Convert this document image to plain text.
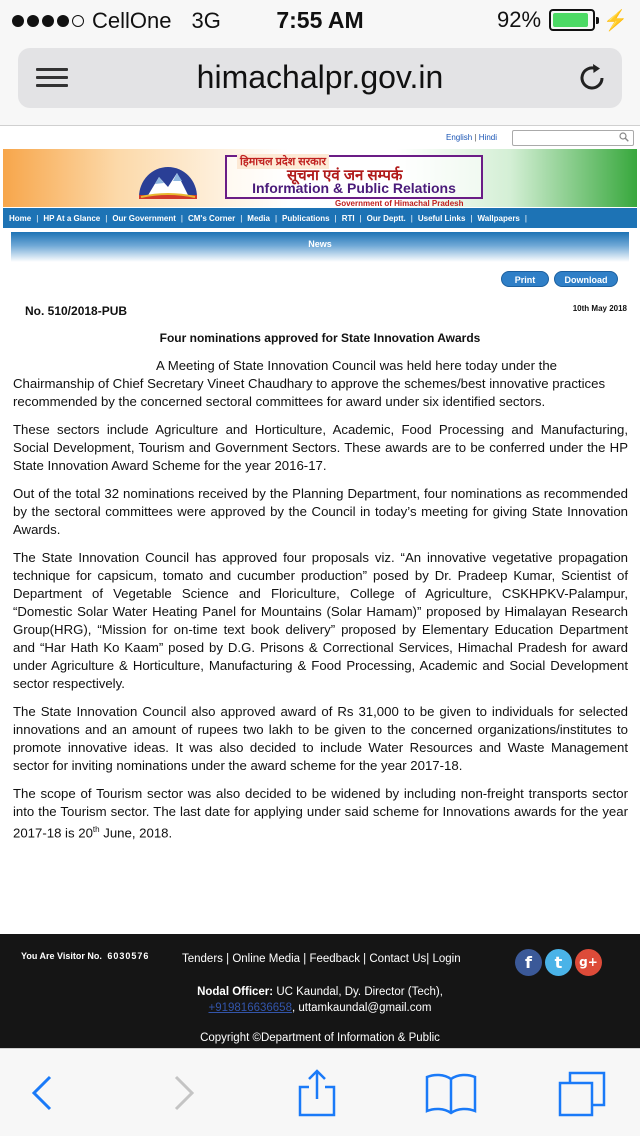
CellOne 3G	7:55 AM	92%	⚡
himachalpr.gov.in
English | Hindi
हिमाचल प्रदेश सरकार
सूचना एवं जन सम्पर्क
Information & Public Relations
Government of Himachal Pradesh
Home | HP At a Glance | Our Government | CM's Corner | Media | Publications | RTI | Our Deptt. | Useful Links | Wallpapers |
News
Print	Download
No. 510/2018-PUB	10th May 2018
Four nominations approved for State Innovation Awards

A Meeting of State Innovation Council was held here today under the Chairmanship of Chief Secretary Vineet Chaudhary to approve the schemes/best innovative practices recommended by the concerned sectoral committees for award under six identified sectors.

These sectors include Agriculture and Horticulture, Academic, Food Processing and Manufacturing, Social Development, Tourism and Government Sectors. These awards are to be conferred under the HP State Innovation Award Scheme for the year 2016-17.

Out of the total 32 nominations received by the Planning Department, four nominations as recommended by the sectoral committees were approved by the Council in today’s meeting for giving State Innovation Awards.

The State Innovation Council has approved four proposals viz. “An innovative vegetative propagation technique for capsicum, tomato and cucumber production” posed by Dr. Pradeep Kumar, Scientist of Department of Vegetable Science and Floriculture, College of Agriculture, CSKHPKV-Palampur, “Domestic Solar Water Heating Panel for Mountains (Solar Hamam)” proposed by Himalayan Research Group(HRG), “Mission for on-time text book delivery” proposed by Elementary Education Department and “Har Hath Ko Kaam” posed by D.G. Prisons & Correctional Services, Himachal Pradesh for award under Agriculture & Horticulture, Manufacturing & Food Processing, Academic and Social Development sector respectively.

The State Innovation Council also approved award of Rs 31,000 to be given to individuals for selected innovations and an amount of rupees two lakh to be given to the concerned organizations/institutes to promote innovative ideas. It was also decided to include Water Resources and Waste Management sector for inviting nominations under the award scheme for the year 2017-18.

The scope of Tourism sector was also decided to be widened by including non-freight transports sector into the Tourism sector. The last date for applying under said scheme for Innovations awards for the year 2017-18 is 20th June, 2018.

You Are Visitor No. 6030576	Tenders | Online Media | Feedback | Contact Us| Login	f	t	g+
Nodal Officer: UC Kaundal, Dy. Director (Tech),
+919816636658, uttamkaundal@gmail.com
Copyright ©Department of Information & Public
